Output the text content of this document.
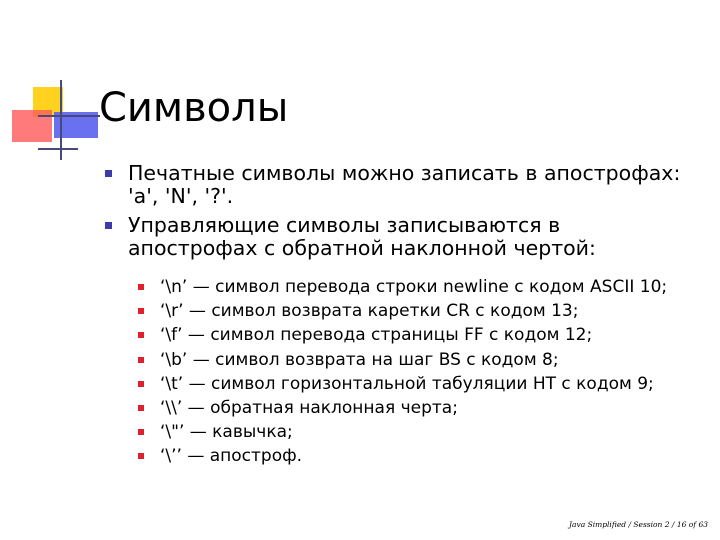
Символы
Печатные символы можно записать в апострофах:
'a', 'N', '?'.
Управляющие символы записываются в
апострофах с обратной наклонной чертой:
‘\n’ — символ перевода строки newline с кодом ASCII 10;
‘\r’ — символ возврата каретки CR с кодом 13;
‘\f’ — символ перевода страницы FF с кодом 12;
‘\b’ — символ возврата на шаг BS с кодом 8;
‘\t’ — символ горизонтальной табуляции HT с кодом 9;
‘\\’ — обратная наклонная черта;
‘\"’ — кавычка;
‘\’’ — апостроф.
Java Simplified / Session 2 / 16 of 63
